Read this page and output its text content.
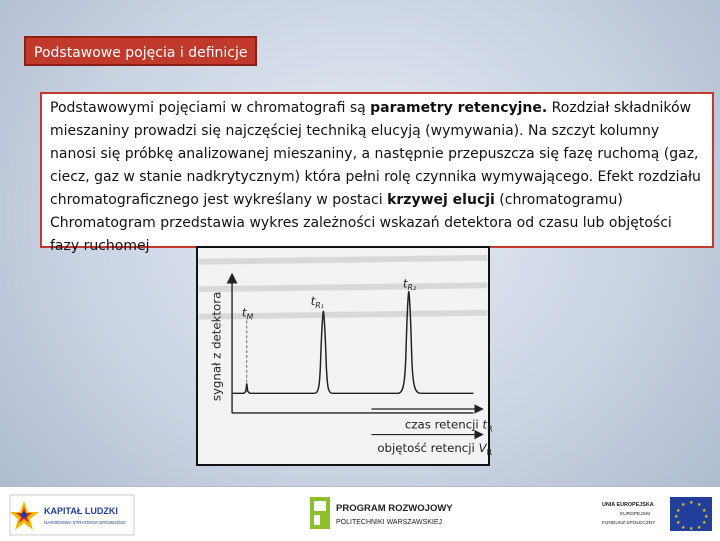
Podstawowe pojęcia i definicje
Podstawowymi pojęciami w chromatografi są parametry retencyjne. Rozdział składników mieszaniny prowadzi się najczęściej techniką elucyją (wymywania). Na szczyt kolumny nanosi się próbkę analizowanej mieszaniny, a następnie przepuszcza się fazę ruchomą (gaz, ciecz, gaz w stanie nadkrytycznym) która pełni rolę czynnika wymywającego. Efekt rozdziału chromatograficznego jest wykreślany w postaci krzywej elucji (chromatogramu) Chromatogram przedstawia wykres zależności wskazań detektora od czasu lub objętości fazy ruchomej
sygnał z detektora $t_M$
$t_{R_1}$
$t_{R_2}$
czas retencji $t_R$
objętość retencji $V_R$
KAPITAŁ LUDZKI
NARODOWA STRATEGIA SPÓJNOŚCI
PROGRAM ROZWOJOWY
POLITECHNIKI WARSZAWSKIEJ
UNIA EUROPEJSKA
EUROPEJSKI
FUNDUSZ SPOŁECZNY
★ ★
★
★
★
★
★
★
★
★
★
★
